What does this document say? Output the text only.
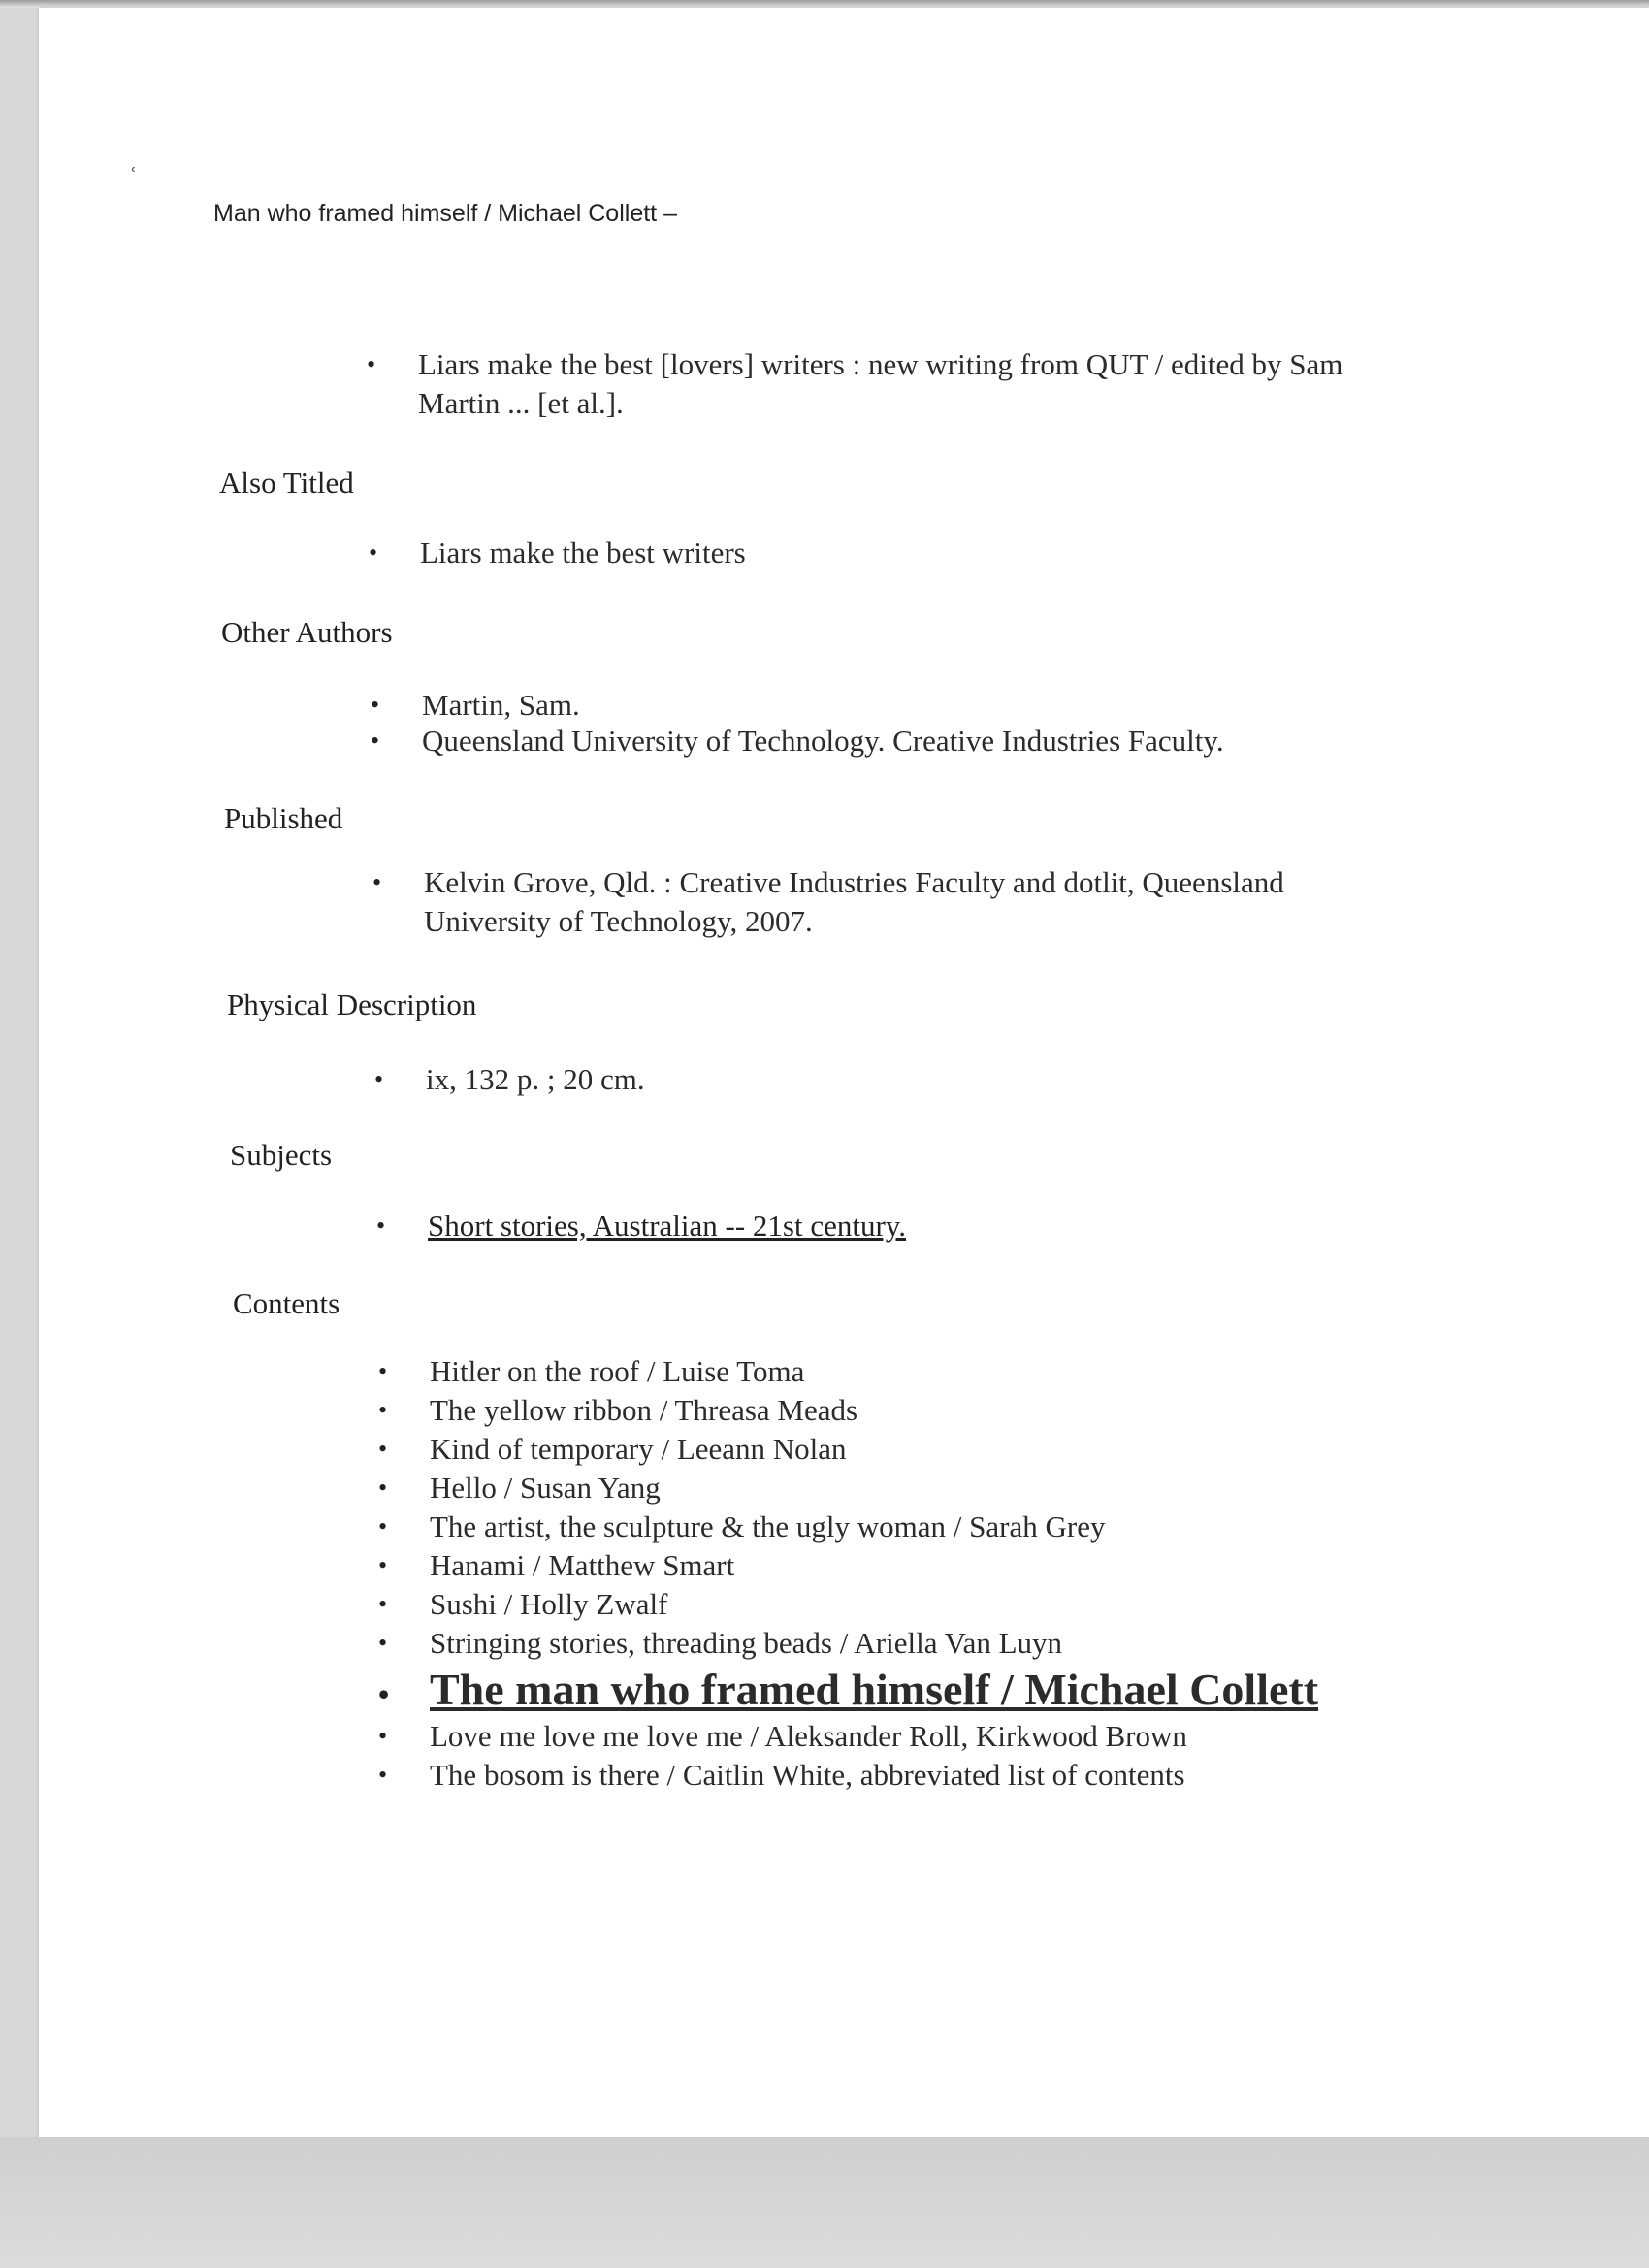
ʿ
Man who framed himself / Michael Collett –
• Liars make the best [lovers] writers : new writing from QUT / edited by Sam Martin ... [et al.].
Also Titled
• Liars make the best writers
Other Authors
• Martin, Sam.
• Queensland University of Technology. Creative Industries Faculty.
Published
• Kelvin Grove, Qld. : Creative Industries Faculty and dotlit, Queensland University of Technology, 2007.
Physical Description
• ix, 132 p. ; 20 cm.
Subjects
• Short stories, Australian -- 21st century.
Contents
• Hitler on the roof / Luise Toma
• The yellow ribbon / Threasa Meads
• Kind of temporary / Leeann Nolan
• Hello / Susan Yang
• The artist, the sculpture & the ugly woman / Sarah Grey
• Hanami / Matthew Smart
• Sushi / Holly Zwalf
• Stringing stories, threading beads / Ariella Van Luyn
• The man who framed himself / Michael Collett
• Love me love me love me / Aleksander Roll, Kirkwood Brown
• The bosom is there / Caitlin White, abbreviated list of contents
